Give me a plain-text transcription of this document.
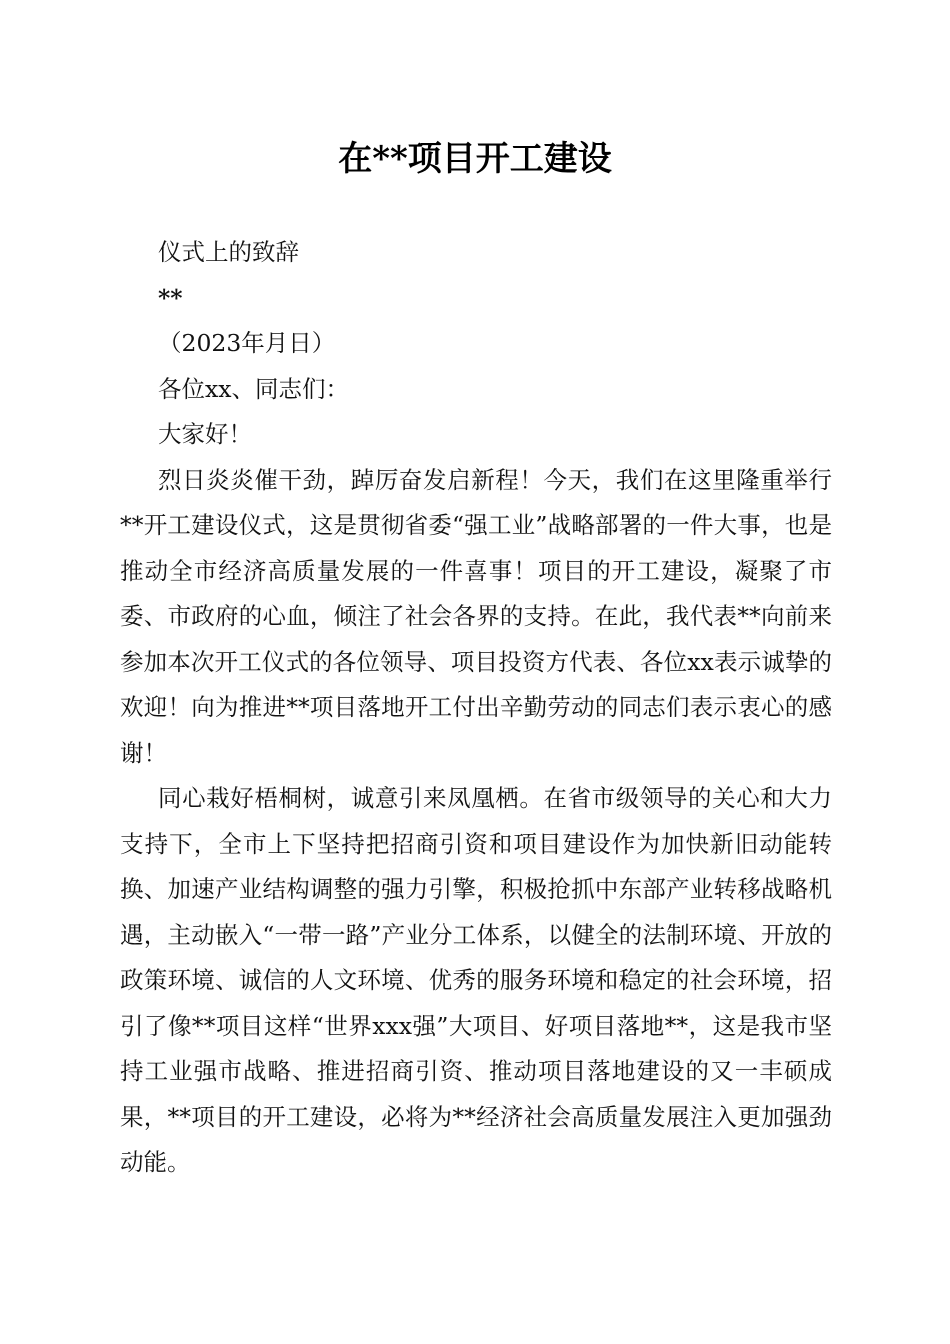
在**项目开工建设

仪式上的致辞

**

（2023年月日）

各位xx、同志们：

大家好！

烈日炎炎催干劲，踔厉奋发启新程！今天，我们在这里隆重举行**开工建设仪式，这是贯彻省委“强工业”战略部署的一件大事，也是推动全市经济高质量发展的一件喜事！项目的开工建设，凝聚了市委、市政府的心血，倾注了社会各界的支持。在此，我代表**向前来参加本次开工仪式的各位领导、项目投资方代表、各位xx表示诚挚的欢迎！向为推进**项目落地开工付出辛勤劳动的同志们表示衷心的感谢！

同心栽好梧桐树，诚意引来凤凰栖。在省市级领导的关心和大力支持下，全市上下坚持把招商引资和项目建设作为加快新旧动能转换、加速产业结构调整的强力引擎，积极抢抓中东部产业转移战略机遇，主动嵌入“一带一路”产业分工体系，以健全的法制环境、开放的政策环境、诚信的人文环境、优秀的服务环境和稳定的社会环境，招引了像**项目这样“世界xxx强”大项目、好项目落地**，这是我市坚持工业强市战略、推进招商引资、推动项目落地建设的又一丰硕成果，**项目的开工建设，必将为**经济社会高质量发展注入更加强劲动能。
